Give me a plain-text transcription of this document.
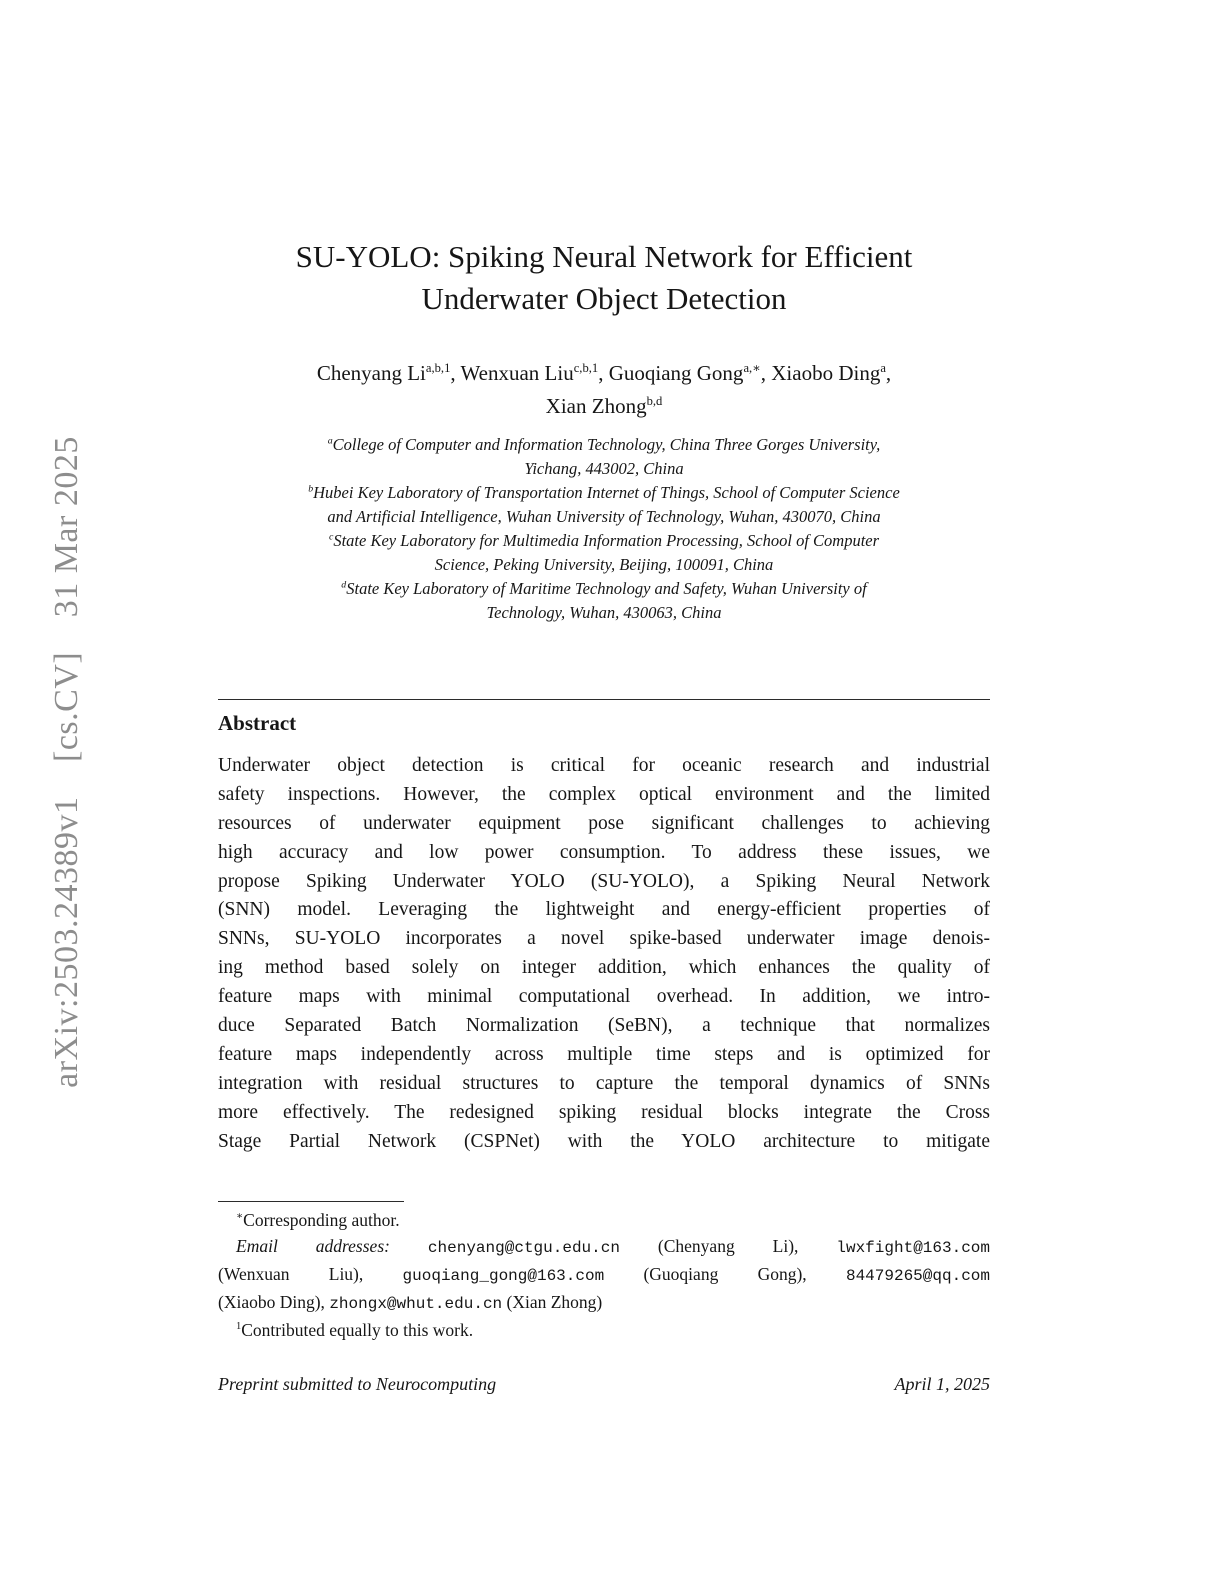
arXiv:2503.24389v1 [cs.CV] 31 Mar 2025
SU-YOLO: Spiking Neural Network for Efficient
Underwater Object Detection
Chenyang Li$^{a,b,1}$, Wenxuan Liu$^{c,b,1}$, Guoqiang Gong$^{a,∗}$, Xiaobo Ding$^a$,
Xian Zhong$^{b,d}$
$^a$College of Computer and Information Technology, China Three Gorges University,
Yichang, 443002, China
$^b$Hubei Key Laboratory of Transportation Internet of Things, School of Computer Science
and Artificial Intelligence, Wuhan University of Technology, Wuhan, 430070, China
$^c$State Key Laboratory for Multimedia Information Processing, School of Computer
Science, Peking University, Beijing, 100091, China
$^d$State Key Laboratory of Maritime Technology and Safety, Wuhan University of
Technology, Wuhan, 430063, China
Abstract
Underwater object detection is critical for oceanic research and industrial
safety inspections. However, the complex optical environment and the limited
resources of underwater equipment pose significant challenges to achieving
high accuracy and low power consumption. To address these issues, we
propose Spiking Underwater YOLO (SU-YOLO), a Spiking Neural Network
(SNN) model. Leveraging the lightweight and energy-efficient properties of
SNNs, SU-YOLO incorporates a novel spike-based underwater image denois-
ing method based solely on integer addition, which enhances the quality of
feature maps with minimal computational overhead. In addition, we intro-
duce Separated Batch Normalization (SeBN), a technique that normalizes
feature maps independently across multiple time steps and is optimized for
integration with residual structures to capture the temporal dynamics of SNNs
more effectively. The redesigned spiking residual blocks integrate the Cross
Stage Partial Network (CSPNet) with the YOLO architecture to mitigate

∗Corresponding author.

Email addresses: chenyang@ctgu.edu.cn (Chenyang Li), lwxfight@163.com
(Wenxuan Liu), guoqiang_gong@163.com (Guoqiang Gong), 84479265@qq.com
(Xiaobo Ding), zhongx@whut.edu.cn (Xian Zhong)

$^1$Contributed equally to this work.

Preprint submitted to Neurocomputing	April 1, 2025
